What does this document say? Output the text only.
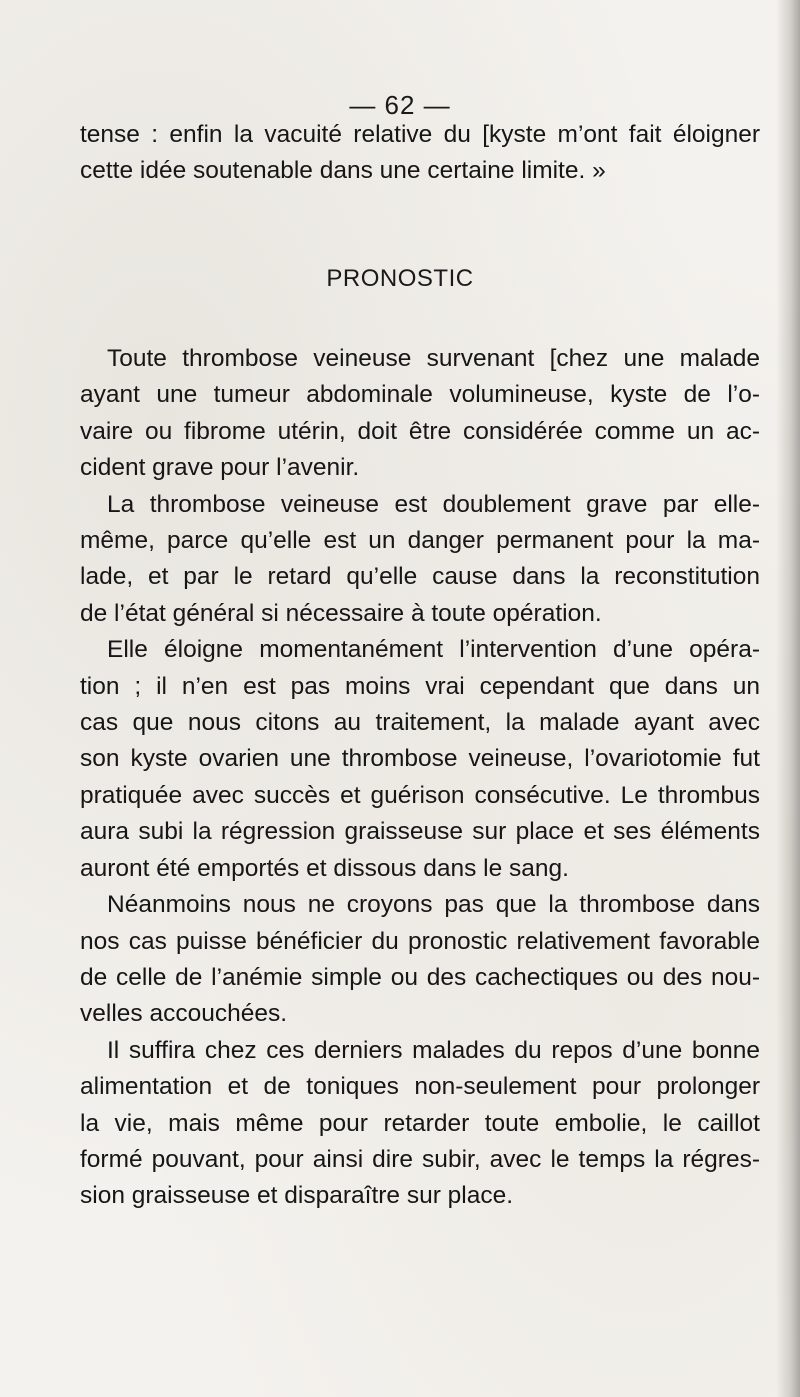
— 62 —
tense : enfin la vacuité relative du [kyste m’ont fait éloigner
cette idée soutenable dans une certaine limite. »
PRONOSTIC

Toute thrombose veineuse survenant [chez une malade
ayant une tumeur abdominale volumineuse, kyste de l’o-
vaire ou fibrome utérin, doit être considérée comme un ac-
cident grave pour l’avenir.

La thrombose veineuse est doublement grave par elle-
même, parce qu’elle est un danger permanent pour la ma-
lade, et par le retard qu’elle cause dans la reconstitution
de l’état général si nécessaire à toute opération.

Elle éloigne momentanément l’intervention d’une opéra-
tion ; il n’en est pas moins vrai cependant que dans un
cas que nous citons au traitement, la malade ayant avec
son kyste ovarien une thrombose veineuse, l’ovariotomie fut
pratiquée avec succès et guérison consécutive. Le thrombus
aura subi la régression graisseuse sur place et ses éléments
auront été emportés et dissous dans le sang.

Néanmoins nous ne croyons pas que la thrombose dans
nos cas puisse bénéficier du pronostic relativement favorable
de celle de l’anémie simple ou des cachectiques ou des nou-
velles accouchées.

Il suffira chez ces derniers malades du repos d’une bonne
alimentation et de toniques non-seulement pour prolonger
la vie, mais même pour retarder toute embolie, le caillot
formé pouvant, pour ainsi dire subir, avec le temps la régres-
sion graisseuse et disparaître sur place.
